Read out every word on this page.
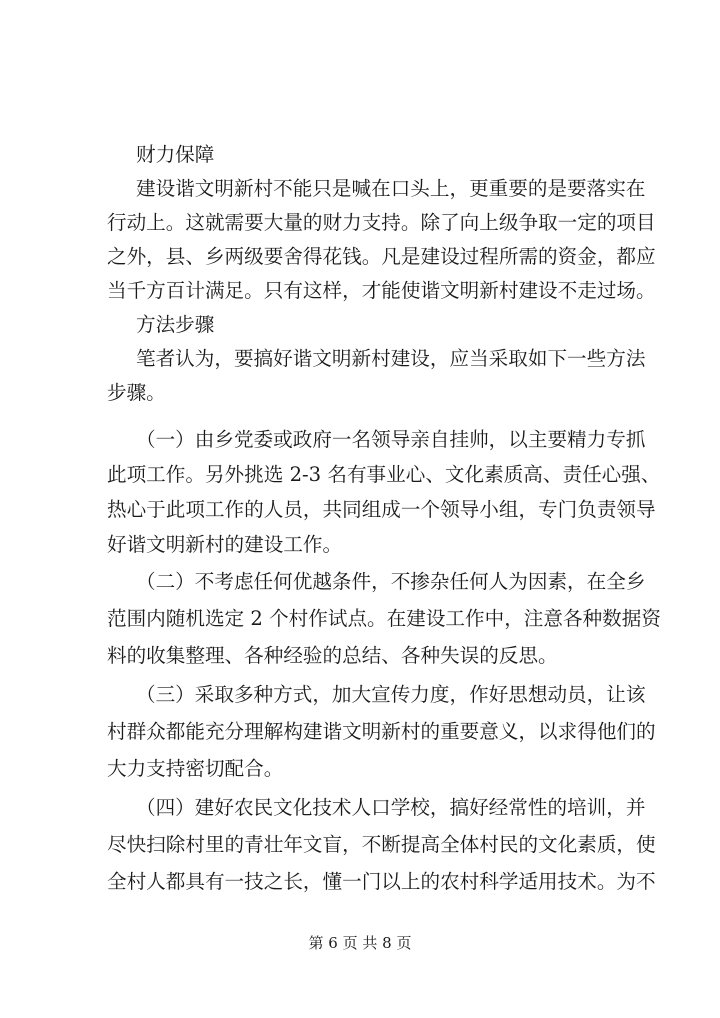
财力保障
建设谐文明新村不能只是喊在口头上，更重要的是要落实在
行动上。这就需要大量的财力支持。除了向上级争取一定的项目
之外，县、乡两级要舍得花钱。凡是建设过程所需的资金，都应
当千方百计满足。只有这样，才能使谐文明新村建设不走过场。
方法步骤
笔者认为，要搞好谐文明新村建设，应当采取如下一些方法
步骤。
（一）由乡党委或政府一名领导亲自挂帅，以主要精力专抓
此项工作。另外挑选 2-3 名有事业心、文化素质高、责任心强、
热心于此项工作的人员，共同组成一个领导小组，专门负责领导
好谐文明新村的建设工作。
（二）不考虑任何优越条件，不掺杂任何人为因素，在全乡
范围内随机选定 2 个村作试点。在建设工作中，注意各种数据资
料的收集整理、各种经验的总结、各种失误的反思。
（三）采取多种方式，加大宣传力度，作好思想动员，让该
村群众都能充分理解构建谐文明新村的重要意义，以求得他们的
大力支持密切配合。
（四）建好农民文化技术人口学校，搞好经常性的培训，并
尽快扫除村里的青壮年文盲，不断提高全体村民的文化素质，使
全村人都具有一技之长，懂一门以上的农村科学适用技术。为不
第 6 页 共 8 页
